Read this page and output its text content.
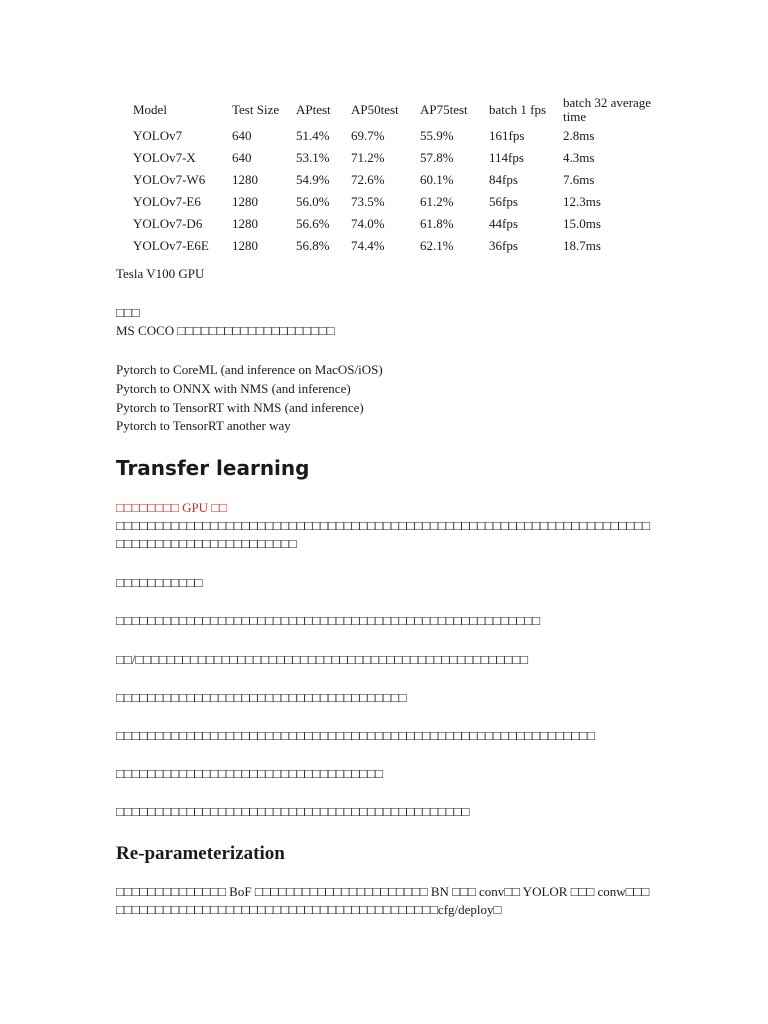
Model	Test Size	APtest	AP50test	AP75test	batch 1 fps	batch 32 average time
YOLOv7	640	51.4%	69.7%	55.9%	161fps	2.8ms
YOLOv7-X	640	53.1%	71.2%	57.8%	114fps	4.3ms
YOLOv7-W6	1280	54.9%	72.6%	60.1%	84fps	7.6ms
YOLOv7-E6	1280	56.0%	73.5%	61.2%	56fps	12.3ms
YOLOv7-D6	1280	56.6%	74.0%	61.8%	44fps	15.0ms
YOLOv7-E6E	1280	56.8%	74.4%	62.1%	36fps	18.7ms
Tesla V100 GPU
□□□
MS COCO □□□□□□□□□□□□□□□□□□□□
Pytorch to CoreML (and inference on MacOS/iOS)
Pytorch to ONNX with NMS (and inference)
Pytorch to TensorRT with NMS (and inference)
Pytorch to TensorRT another way
Transfer learning
□□□□□□□□ GPU □□
□□□□□□□□□□□□□□□□□□□□□□□□□□□□□□□□□□□□□□□□□□□□□□□□□□□□□□□□□□□□□□□□□□□□□□□□□□□□□□□□□□□□□□□□□□□
□□□□□□□□□□□
□□□□□□□□□□□□□□□□□□□□□□□□□□□□□□□□□□□□□□□□□□□□□□□□□□□□□□
□□/□□□□□□□□□□□□□□□□□□□□□□□□□□□□□□□□□□□□□□□□□□□□□□□□□□
□□□□□□□□□□□□□□□□□□□□□□□□□□□□□□□□□□□□□
□□□□□□□□□□□□□□□□□□□□□□□□□□□□□□□□□□□□□□□□□□□□□□□□□□□□□□□□□□□□□
□□□□□□□□□□□□□□□□□□□□□□□□□□□□□□□□□□
□□□□□□□□□□□□□□□□□□□□□□□□□□□□□□□□□□□□□□□□□□□□□
Re-parameterization
□□□□□□□□□□□□□□ BoF □□□□□□□□□□□□□□□□□□□□□□ BN □□□ conv□□ YOLOR □□□ conw□□□□□□□□□□□□□□□□□□□□□□□□□□□□□□□□□□□□□□□□□□□□cfg/deploy□
